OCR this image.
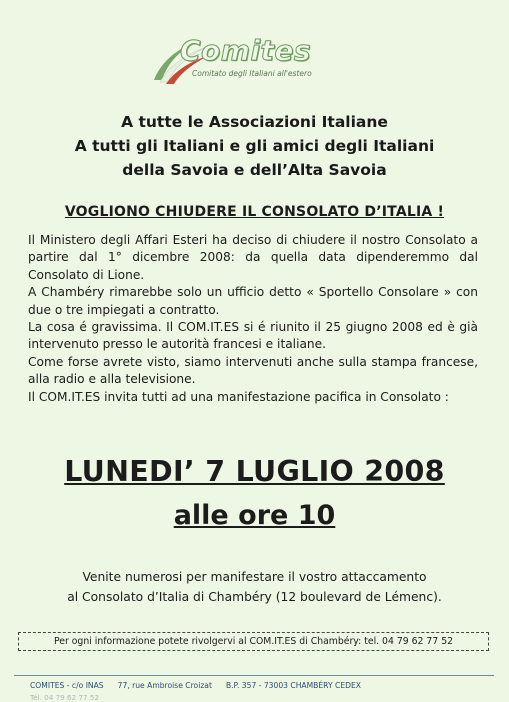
Comites
Comitato degli Italiani all'estero
A tutte le Associazioni Italiane
A tutti gli Italiani e gli amici degli Italiani
della Savoia e dell’Alta Savoia
VOGLIONO CHIUDERE IL CONSOLATO D’ITALIA !

Il Ministero degli Affari Esteri ha deciso di chiudere il nostro Consolato a partire dal 1° dicembre 2008: da quella data dipenderemmo dal Consolato di Lione.

A Chambéry rimarebbe solo un ufficio detto « Sportello Consolare » con due o tre impiegati a contratto.

La cosa é gravissima. Il COM.IT.ES si é riunito il 25 giugno 2008 ed è già intervenuto presso le autorità francesi e italiane.

Come forse avrete visto, siamo intervenuti anche sulla stampa francese, alla radio e alla televisione.

Il COM.IT.ES invita tutti ad una manifestazione pacifica in Consolato :

LUNEDI’ 7 LUGLIO 2008
alle ore 10
Venite numerosi per manifestare il vostro attaccamento
al Consolato d’Italia di Chambéry (12 boulevard de Lémenc).
Per ogni informazione potete rivolgervi al COM.IT.ES di Chambéry: tel. 04 79 62 77 52
COMITES - c/o INAS 77, rue Ambroise Croizat B.P. 357 - 73003 CHAMBÉRY CEDEX
Tél. 04 79 62 77 52
